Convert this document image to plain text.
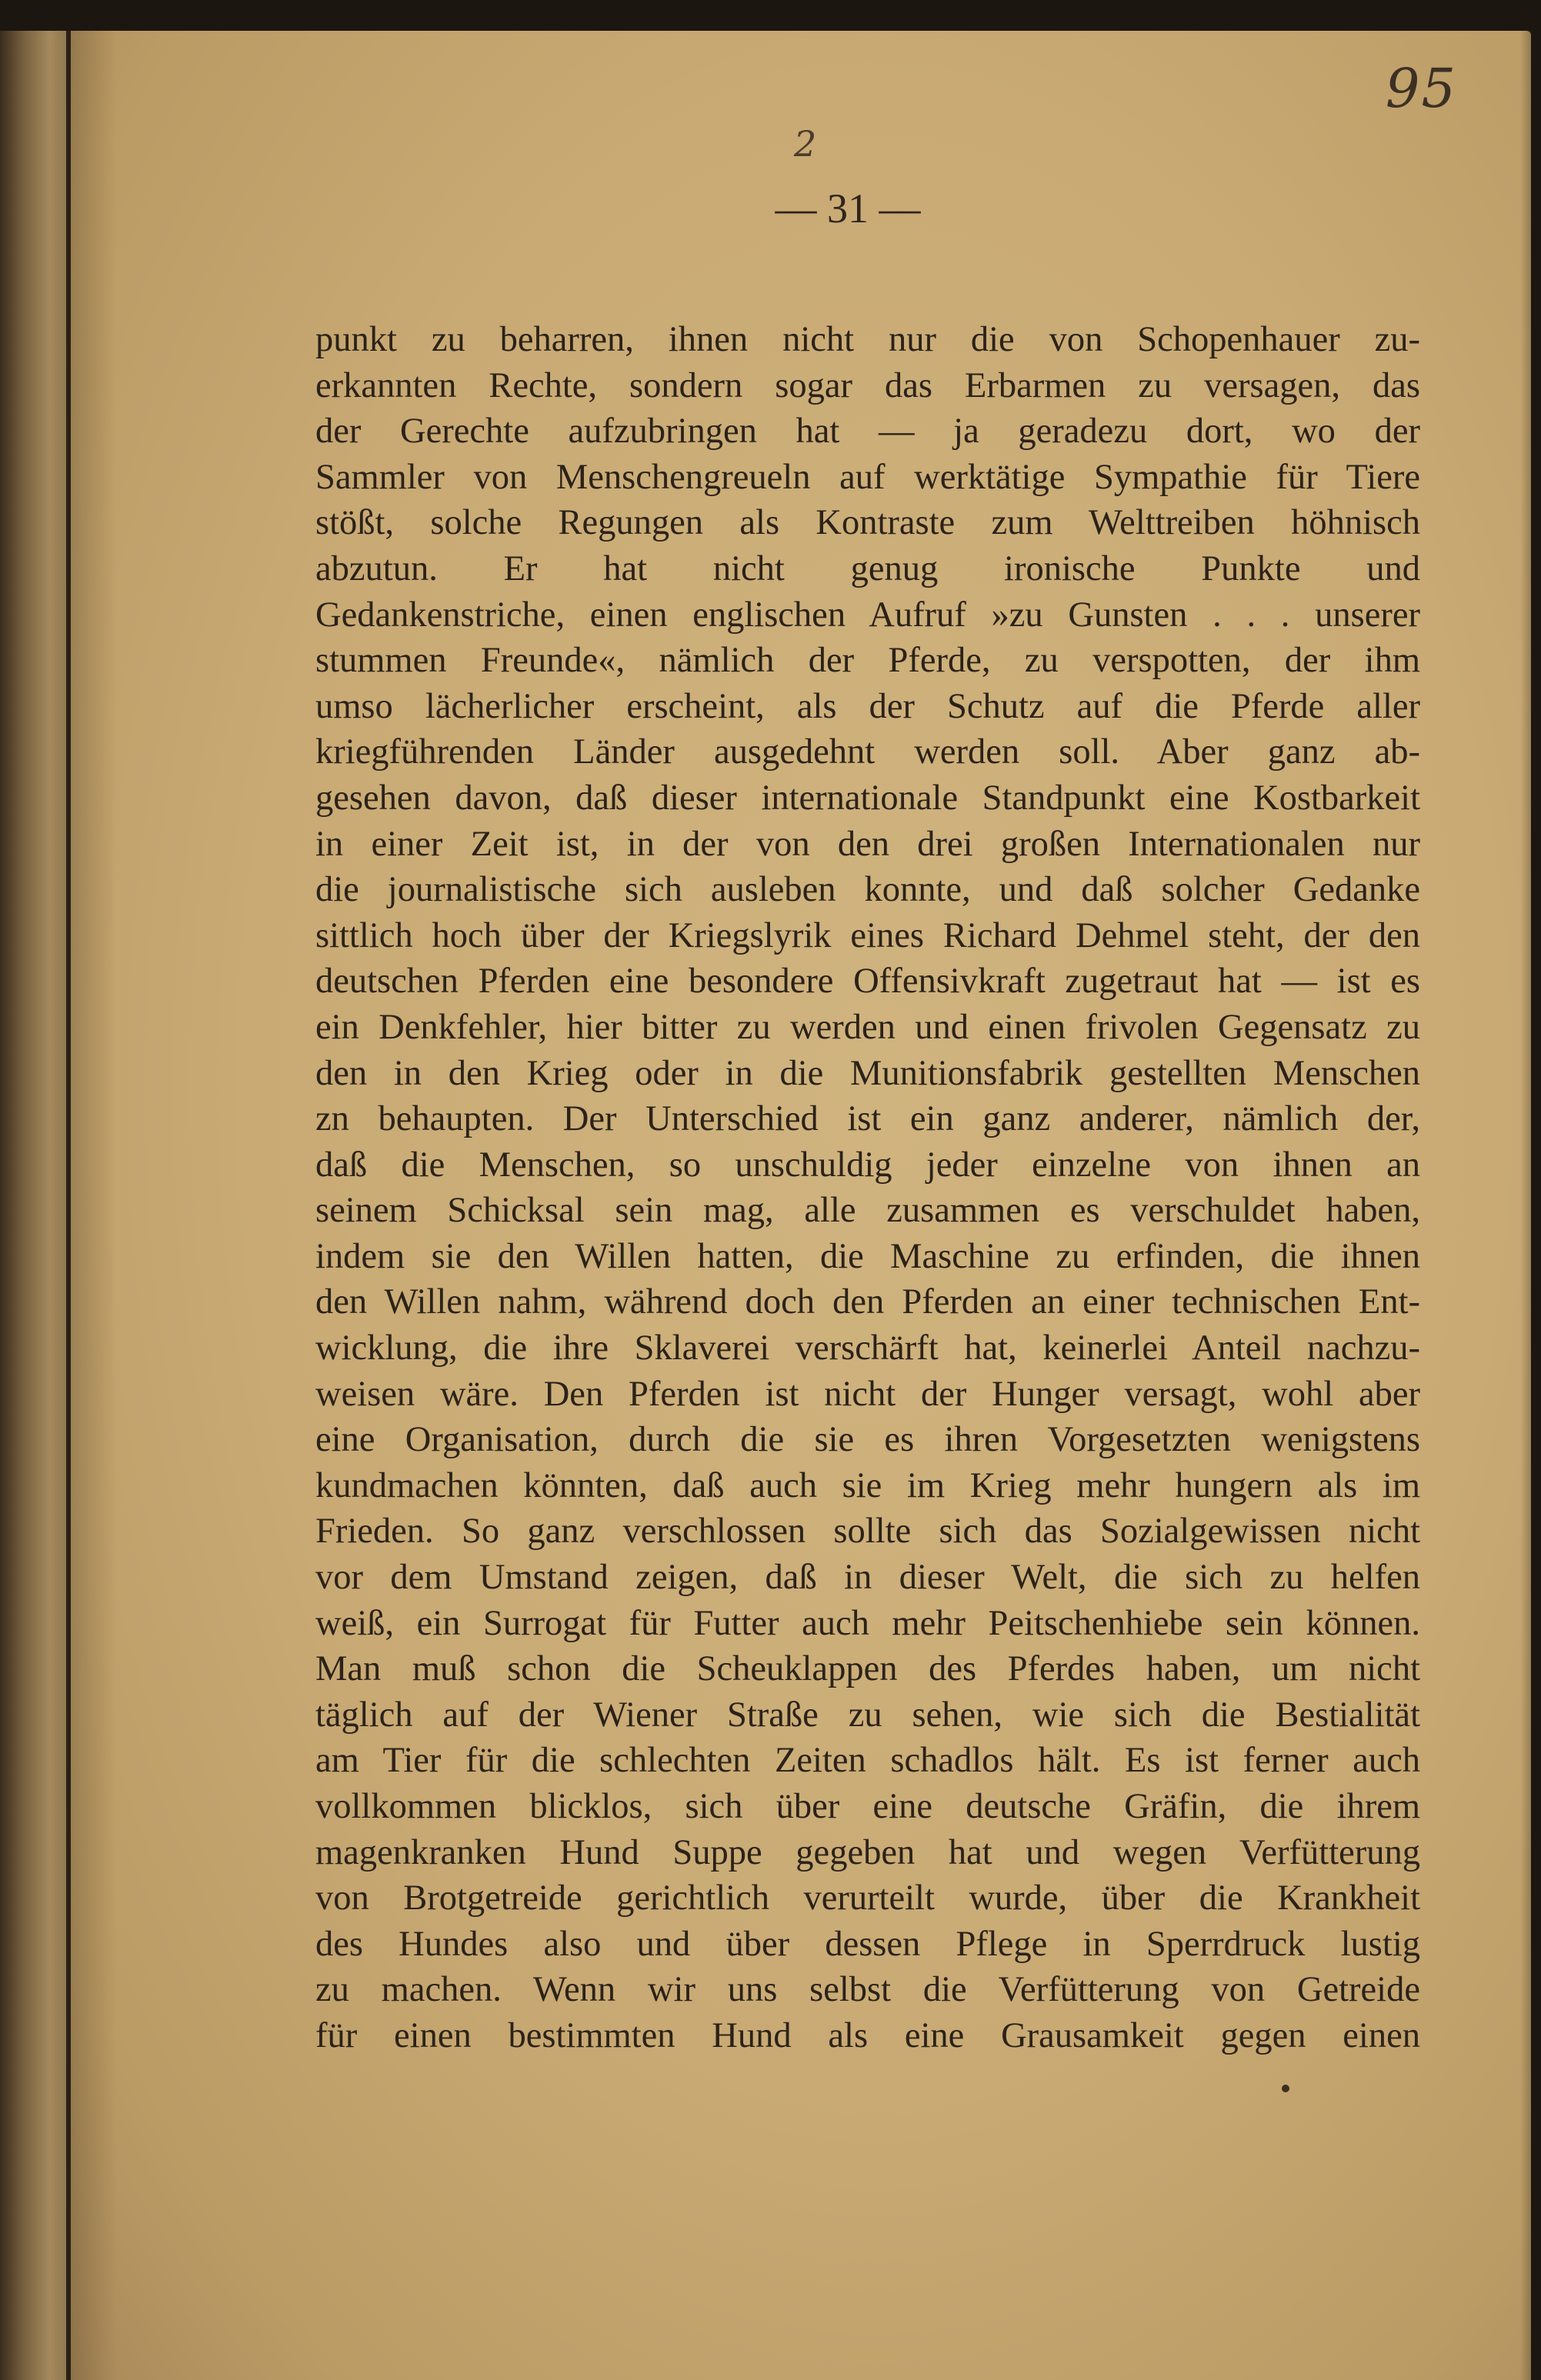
95
2
— 31 —
punkt zu beharren, ihnen nicht nur die von Schopenhauer zu-
erkannten Rechte, sondern sogar das Erbarmen zu versagen, das
der Gerechte aufzubringen hat — ja geradezu dort, wo der
Sammler von Menschengreueln auf werktätige Sympathie für Tiere
stößt, solche Regungen als Kontraste zum Welttreiben höhnisch
abzutun. Er hat nicht genug ironische Punkte und
Gedankenstriche, einen englischen Aufruf »zu Gunsten . . . unserer
stummen Freunde«, nämlich der Pferde, zu verspotten, der ihm
umso lächerlicher erscheint, als der Schutz auf die Pferde aller
kriegführenden Länder ausgedehnt werden soll. Aber ganz ab-
gesehen davon, daß dieser internationale Standpunkt eine Kostbarkeit
in einer Zeit ist, in der von den drei großen Internationalen nur
die journalistische sich ausleben konnte, und daß solcher Gedanke
sittlich hoch über der Kriegslyrik eines Richard Dehmel steht, der den
deutschen Pferden eine besondere Offensivkraft zugetraut hat — ist es
ein Denkfehler, hier bitter zu werden und einen frivolen Gegensatz zu
den in den Krieg oder in die Munitionsfabrik gestellten Menschen
zn behaupten. Der Unterschied ist ein ganz anderer, nämlich der,
daß die Menschen, so unschuldig jeder einzelne von ihnen an
seinem Schicksal sein mag, alle zusammen es verschuldet haben,
indem sie den Willen hatten, die Maschine zu erfinden, die ihnen
den Willen nahm, während doch den Pferden an einer technischen Ent-
wicklung, die ihre Sklaverei verschärft hat, keinerlei Anteil nachzu-
weisen wäre. Den Pferden ist nicht der Hunger versagt, wohl aber
eine Organisation, durch die sie es ihren Vorgesetzten wenigstens
kundmachen könnten, daß auch sie im Krieg mehr hungern als im
Frieden. So ganz verschlossen sollte sich das Sozialgewissen nicht
vor dem Umstand zeigen, daß in dieser Welt, die sich zu helfen
weiß, ein Surrogat für Futter auch mehr Peitschenhiebe sein können.
Man muß schon die Scheuklappen des Pferdes haben, um nicht
täglich auf der Wiener Straße zu sehen, wie sich die Bestialität
am Tier für die schlechten Zeiten schadlos hält. Es ist ferner auch
vollkommen blicklos, sich über eine deutsche Gräfin, die ihrem
magenkranken Hund Suppe gegeben hat und wegen Verfütterung
von Brotgetreide gerichtlich verurteilt wurde, über die Krankheit
des Hundes also und über dessen Pflege in Sperrdruck lustig
zu machen. Wenn wir uns selbst die Verfütterung von Getreide
für einen bestimmten Hund als eine Grausamkeit gegen einen
